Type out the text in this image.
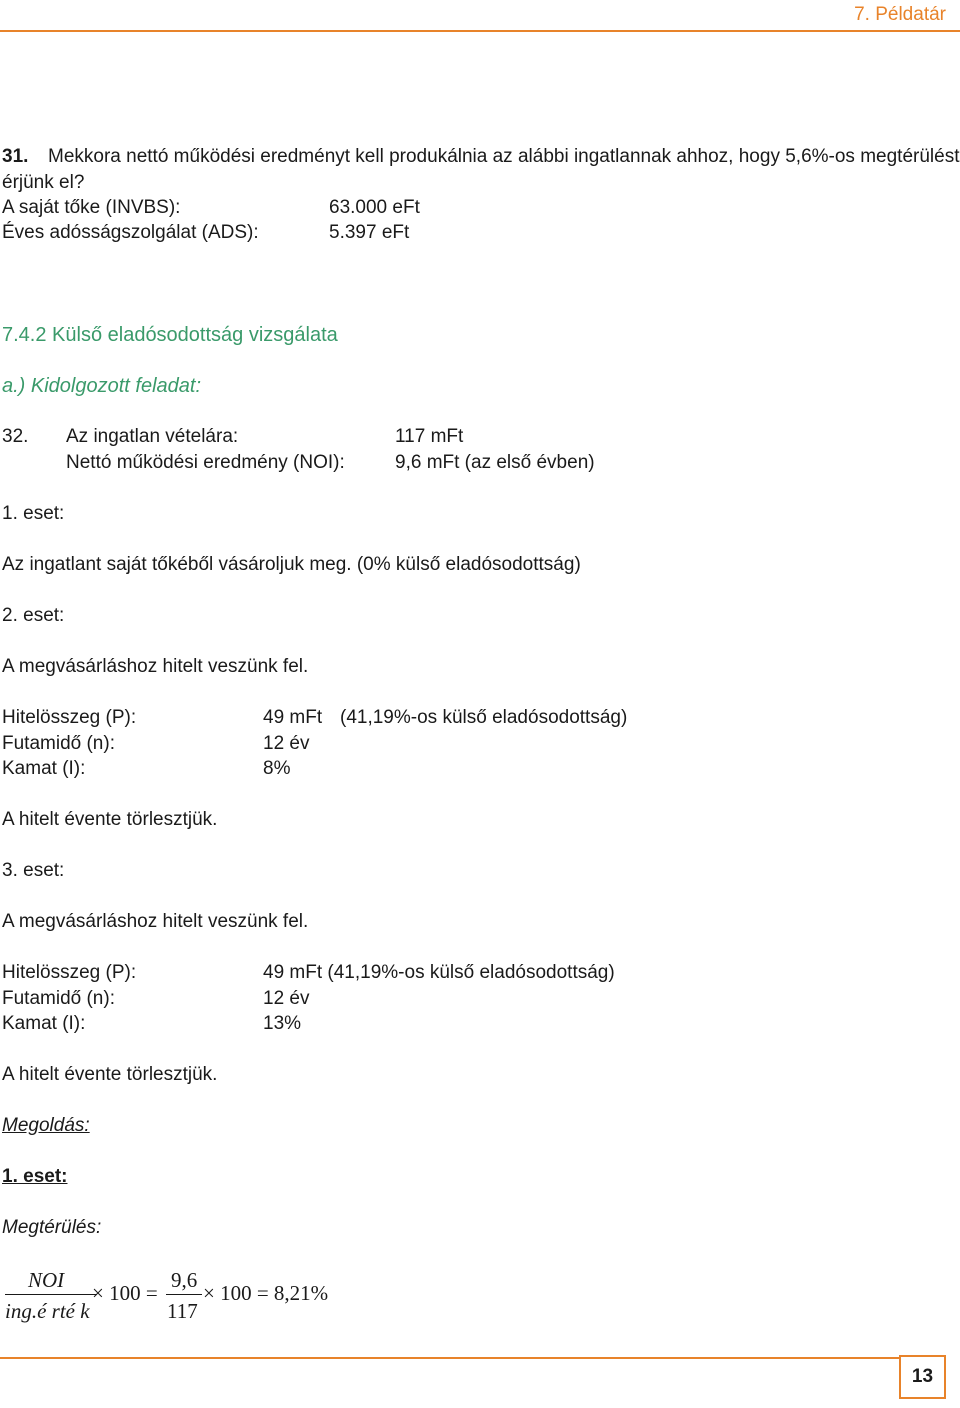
7. Példatár
31. Mekkora nettó működési eredményt kell produkálnia az alábbi ingatlannak ahhoz, hogy 5,6%-os megtérülést
érjünk el?
A saját tőke (INVBS):	63.000 eFt
Éves adósságszolgálat (ADS):	5.397 eFt
7.4.2 Külső eladósodottság vizsgálata
a.) Kidolgozott feladat:
32. Az ingatlan vételára:	117 mFt
Nettó működési eredmény (NOI):	9,6 mFt (az első évben)
1. eset:
Az ingatlant saját tőkéből vásároljuk meg. (0% külső eladósodottság)
2. eset:
A megvásárláshoz hitelt veszünk fel.
Hitelösszeg (P):	49 mFt (41,19%-os külső eladósodottság)
Futamidő (n):	12 év
Kamat (I):	8%
A hitelt évente törlesztjük.
3. eset:
A megvásárláshoz hitelt veszünk fel.
Hitelösszeg (P):	49 mFt (41,19%-os külső eladósodottság)
Futamidő (n):	12 év
Kamat (I):	13%
A hitelt évente törlesztjük.
Megoldás:
1. eset:
Megtérülés:
NOI
ing.é rté k
× 100 =
9,6
117
× 100 = 8,21%
13
